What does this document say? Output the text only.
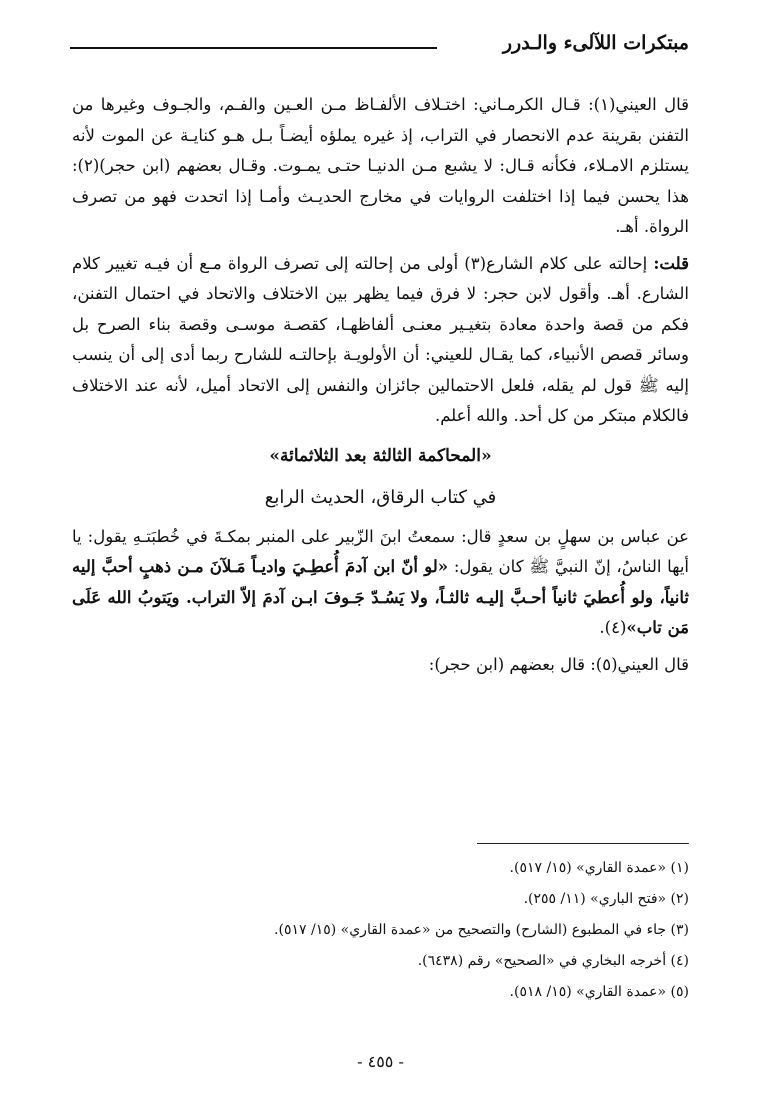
مبتكرات اللآلىء والـدرر

قال العيني(١): قـال الكرمـاني: اختـلاف الألفـاظ مـن العـين والفـم، والجـوف وغيرها من التفنن بقرينة عدم الانحصار في التراب، إذ غيره يملؤه أيضـاً بـل هـو كنايـة عن الموت لأنه يستلزم الامـلاء، فكأنه قـال: لا يشبع مـن الدنيـا حتـى يمـوت. وقـال بعضهم (ابن حجر)(٢): هذا يحسن فيما إذا اختلفت الروايات في مخارج الحديـث وأمـا إذا اتحدت فهو من تصرف الرواة. أهـ.

قلت: إحالته على كلام الشارع(٣) أولى من إحالته إلى تصرف الرواة مـع أن فيـه تغيير كلام الشارع. أهـ. وأقول لابن حجر: لا فرق فيما يظهر بين الاختلاف والاتحاد في احتمال التفنن، فكم من قصة واحدة معادة بتغيـير معنـى ألفاظهـا، كقصـة موسـى وقصة بناء الصرح بل وسائر قصص الأنبياء، كما يقـال للعيني: أن الأولويـة بإحالتـه للشارح ربما أدى إلى أن ينسب إليه ﷺ قول لم يقله، فلعل الاحتمالين جائزان والنفس إلى الاتحاد أميل، لأنه عند الاختلاف فالكلام مبتكر من كل أحد. والله أعلم.

«المحاكمة الثالثة بعد الثلاثمائة»
في كتاب الرقاق، الحديث الرابع

عن عباس بن سهلٍ بن سعدٍ قال: سمعتُ ابنَ الزّبير على المنبر بمكـةَ في خُطبَتـهِ يقول: يا أيها الناسُ، إنّ النبيَّ ﷺ كان يقول: «لو أنّ ابن آدمَ أُعطِـيَ واديـاً مَـلآنَ مـن ذهبٍ أحبَّ إليه ثانياً، ولو أُعطيَ ثانياً أحـبَّ إليـه ثالثـاً، ولا يَسُـدّ جَـوفَ ابـن آدمَ إلاّ التراب. ويَتوبُ الله عَلَى مَن تاب»(٤).

قال العيني(٥): قال بعضهم (ابن حجر):

(١) «عمدة القاري» (١٥/ ٥١٧).
(٢) «فتح الباري» (١١/ ٢٥٥).
(٣) جاء في المطبوع (الشارح) والتصحيح من «عمدة القاري» (١٥/ ٥١٧).
(٤) أخرجه البخاري في «الصحيح» رقم (٦٤٣٨).
(٥) «عمدة القاري» (١٥/ ٥١٨).
- ٤٥٥ -
